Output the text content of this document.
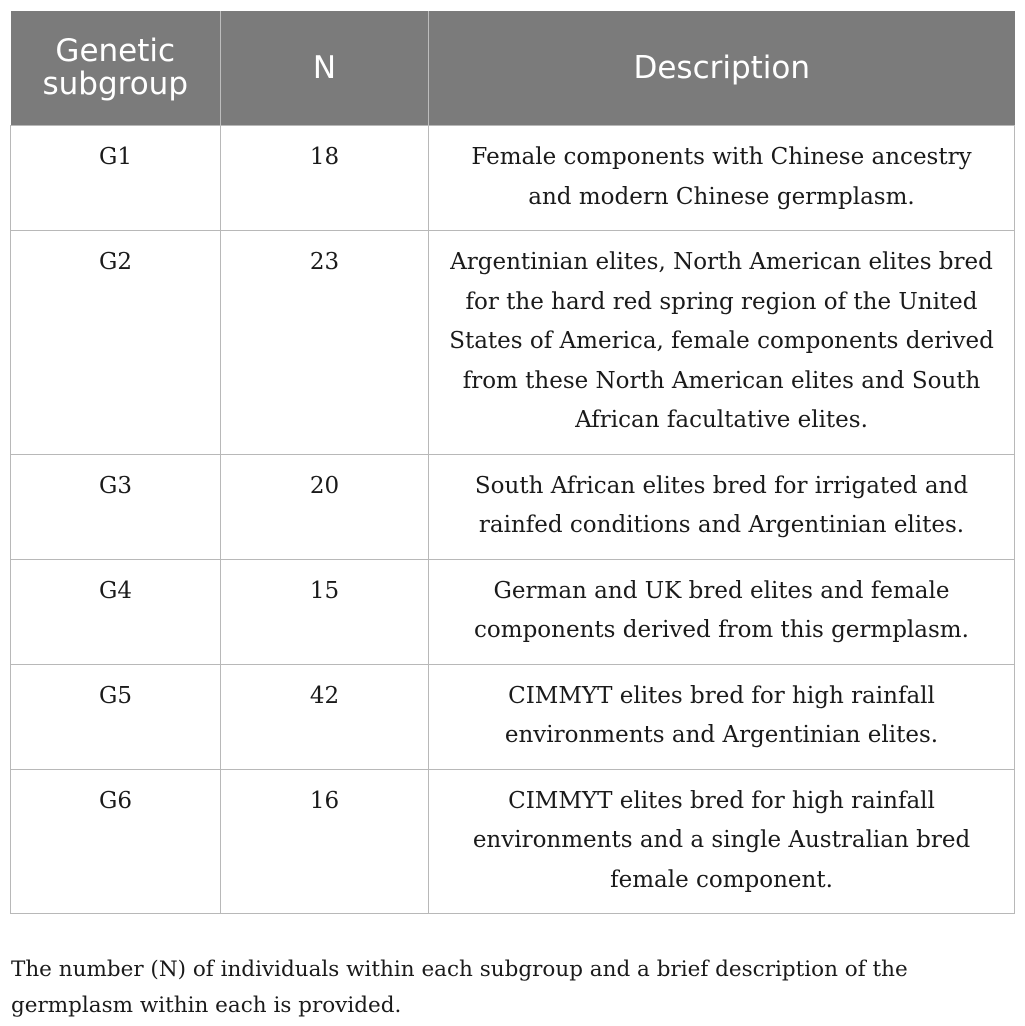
Genetic subgroup	N	Description
G1	18	Female components with Chinese ancestry and modern Chinese germplasm.
G2	23	Argentinian elites, North American elites bred for the hard red spring region of the United States of America, female components derived from these North American elites and South African facultative elites.
G3	20	South African elites bred for irrigated and rainfed conditions and Argentinian elites.
G4	15	German and UK bred elites and female components derived from this germplasm.
G5	42	CIMMYT elites bred for high rainfall environments and Argentinian elites.
G6	16	CIMMYT elites bred for high rainfall environments and a single Australian bred female component.
The number (N) of individuals within each subgroup and a brief description of the germplasm within each is provided.
